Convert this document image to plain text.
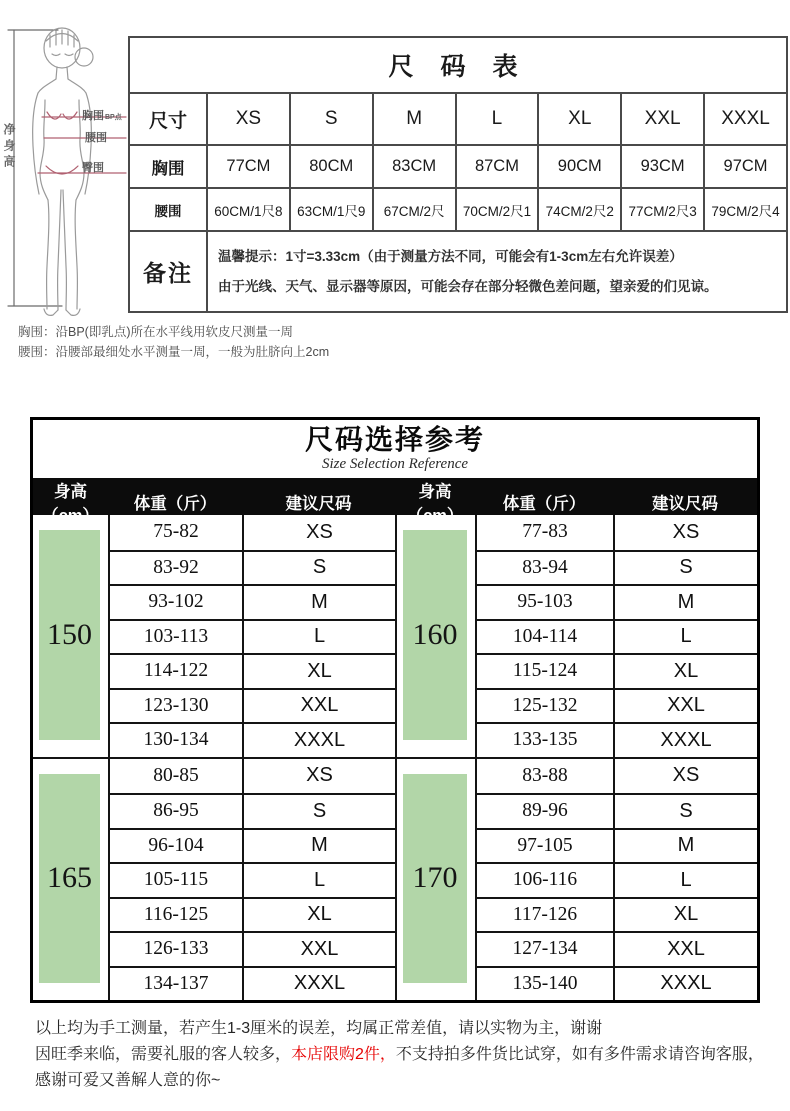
净身高
胸围BP点
腰围
臀围
尺 码 表							
尺寸	XS	S	M	L	XL	XXL	XXXL
胸围	77CM	80CM	83CM	87CM	90CM	93CM	97CM
腰围	60CM/1尺8	63CM/1尺9	67CM/2尺	70CM/2尺1	74CM/2尺2	77CM/2尺3	79CM/2尺4
备注	温馨提示：1寸=3.33cm（由于测量方法不同，可能会有1-3cm左右允许误差）
由于光线、天气、显示器等原因，可能会存在部分轻微色差问题，望亲爱的们见谅。						
胸围：沿BP(即乳点)所在水平线用软皮尺测量一周
腰围：沿腰部最细处水平测量一周，一般为肚脐向上2cm
尺码选择参考
Size Selection Reference
身高（cm）
体重（斤）	建议尺码
身高（cm）
体重（斤）	建议尺码
150
75-82	XS
83-92	S
93-102	M
103-113	L
114-122	XL
123-130	XXL
130-134	XXXL
165
80-85	XS
86-95	S
96-104	M
105-115	L
116-125	XL
126-133	XXL
134-137	XXXL
160
77-83	XS
83-94	S
95-103	M
104-114	L
115-124	XL
125-132	XXL
133-135	XXXL
170
83-88	XS
89-96	S
97-105	M
106-116	L
117-126	XL
127-134	XXL
135-140	XXXL
以上均为手工测量，若产生1-3厘米的误差，均属正常差值，请以实物为主，谢谢
因旺季来临，需要礼服的客人较多，本店限购2件，不支持拍多件货比试穿，如有多件需求请咨询客服，
感谢可爱又善解人意的你~
